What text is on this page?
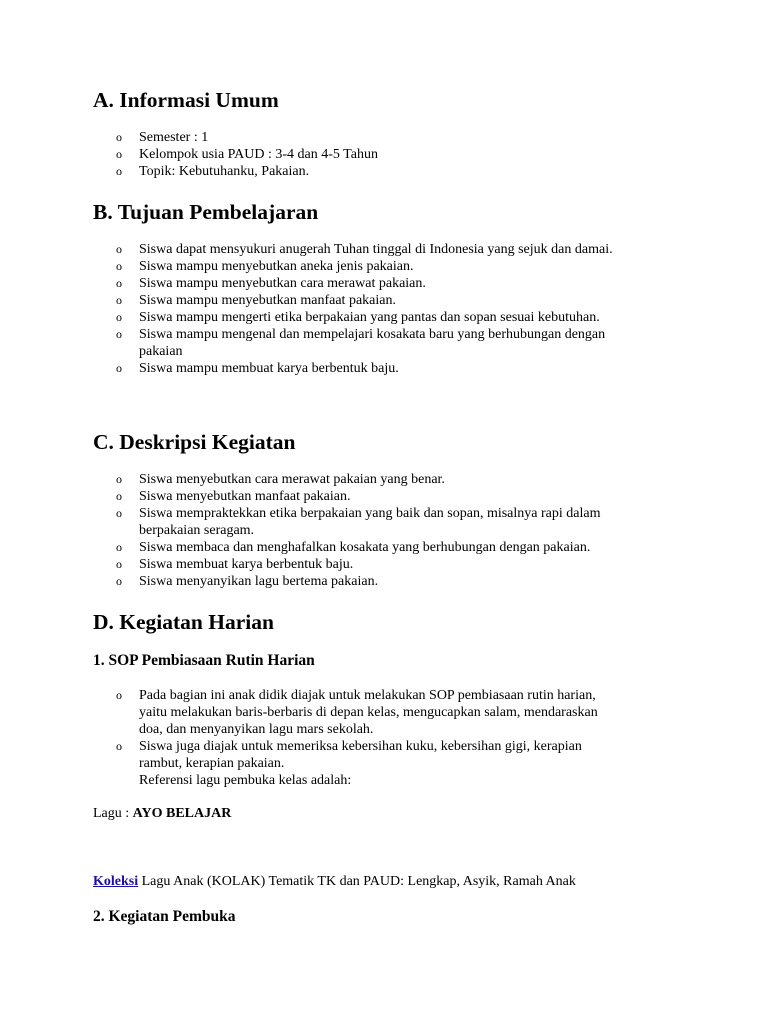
A. Informasi Umum
o Semester : 1
o Kelompok usia PAUD : 3-4 dan 4-5 Tahun
o Topik: Kebutuhanku, Pakaian.
B. Tujuan Pembelajaran
o Siswa dapat mensyukuri anugerah Tuhan tinggal di Indonesia yang sejuk dan damai.
o Siswa mampu menyebutkan aneka jenis pakaian.
o Siswa mampu menyebutkan cara merawat pakaian.
o Siswa mampu menyebutkan manfaat pakaian.
o Siswa mampu mengerti etika berpakaian yang pantas dan sopan sesuai kebutuhan.
o Siswa mampu mengenal dan mempelajari kosakata baru yang berhubungan dengan
pakaian
o Siswa mampu membuat karya berbentuk baju.
C. Deskripsi Kegiatan
o Siswa menyebutkan cara merawat pakaian yang benar.
o Siswa menyebutkan manfaat pakaian.
o Siswa mempraktekkan etika berpakaian yang baik dan sopan, misalnya rapi dalam
berpakaian seragam.
o Siswa membaca dan menghafalkan kosakata yang berhubungan dengan pakaian.
o Siswa membuat karya berbentuk baju.
o Siswa menyanyikan lagu bertema pakaian.
D. Kegiatan Harian
1. SOP Pembiasaan Rutin Harian
o Pada bagian ini anak didik diajak untuk melakukan SOP pembiasaan rutin harian,
yaitu melakukan baris-berbaris di depan kelas, mengucapkan salam, mendaraskan
doa, dan menyanyikan lagu mars sekolah.
o Siswa juga diajak untuk memeriksa kebersihan kuku, kebersihan gigi, kerapian
rambut, kerapian pakaian.
Referensi lagu pembuka kelas adalah:

Lagu : AYO BELAJAR

Koleksi Lagu Anak (KOLAK) Tematik TK dan PAUD: Lengkap, Asyik, Ramah Anak

2. Kegiatan Pembuka
